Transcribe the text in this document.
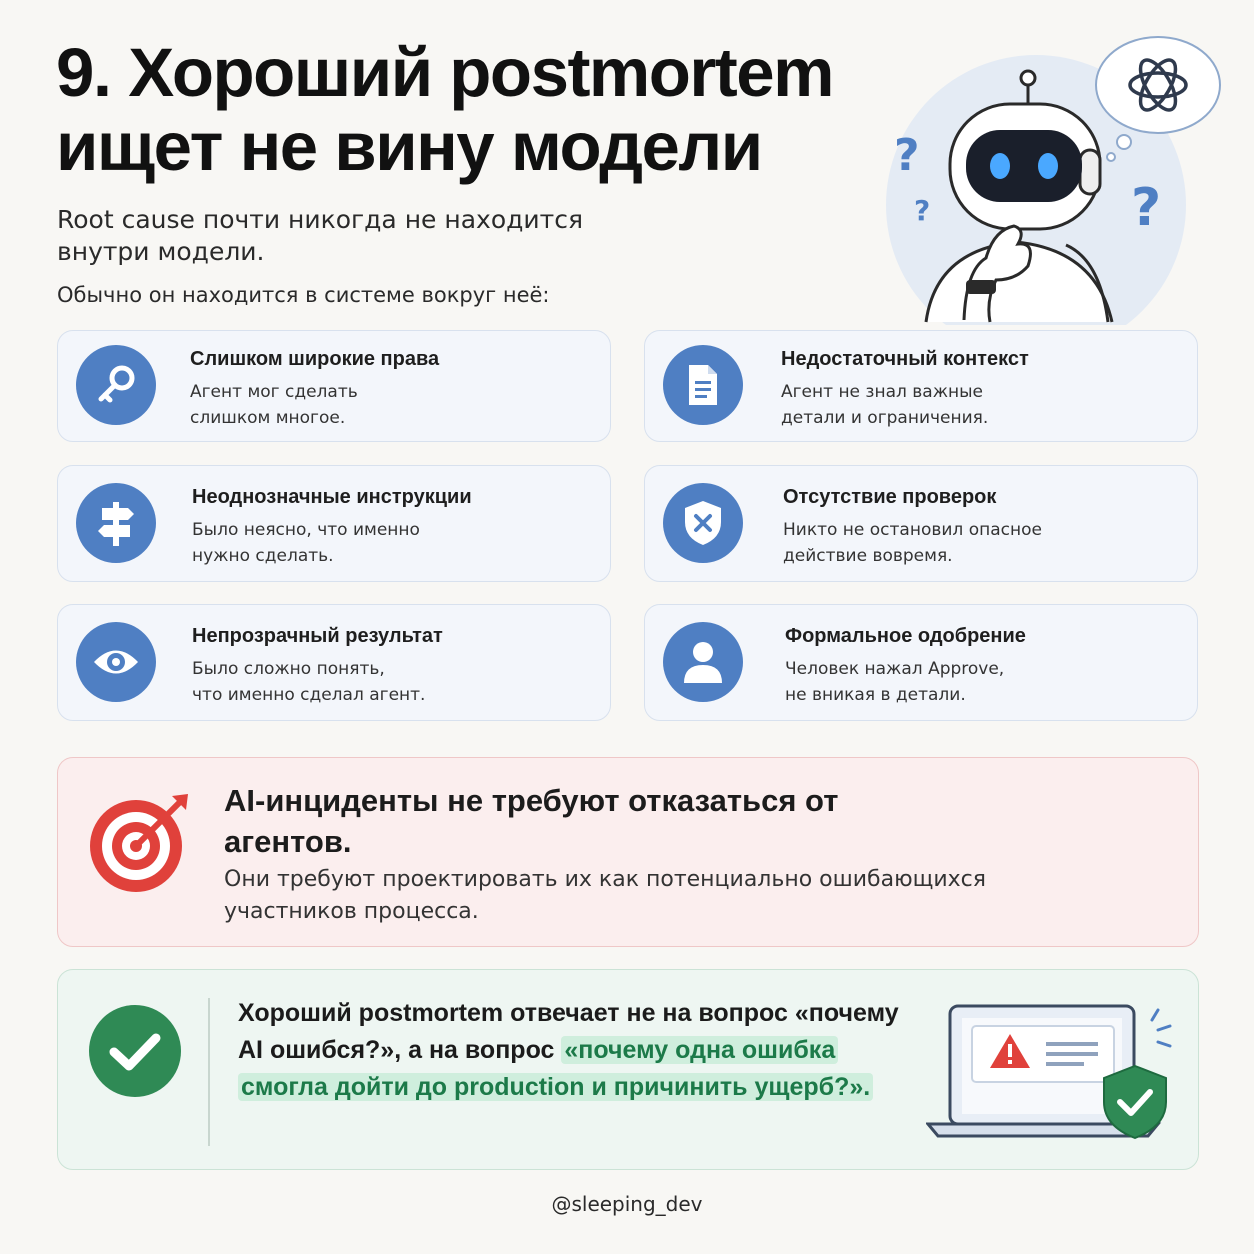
9. Хороший postmortem
ищет не вину модели
Root cause почти никогда не находится внутри модели.
Обычно он находится в системе вокруг неё:
?
?	?
Слишком широкие права
Агент мог сделать
слишком многое.
Недостаточный контекст
Агент не знал важные
детали и ограничения.
Неоднозначные инструкции
Было неясно, что именно
нужно сделать.
Отсутствие проверок
Никто не остановил опасное
действие вовремя.
Непрозрачный результат
Было сложно понять,
что именно сделал агент.
Формальное одобрение
Человек нажал Approve,
не вникая в детали.
AI-инциденты не требуют отказаться от агентов.
Они требуют проектировать их как потенциально ошибающихся участников процесса.
Хороший postmortem отвечает не на вопрос «почему AI ошибся?», а на вопрос «почему одна ошибка смогла дойти до production и причинить ущерб?».
@sleeping_dev
